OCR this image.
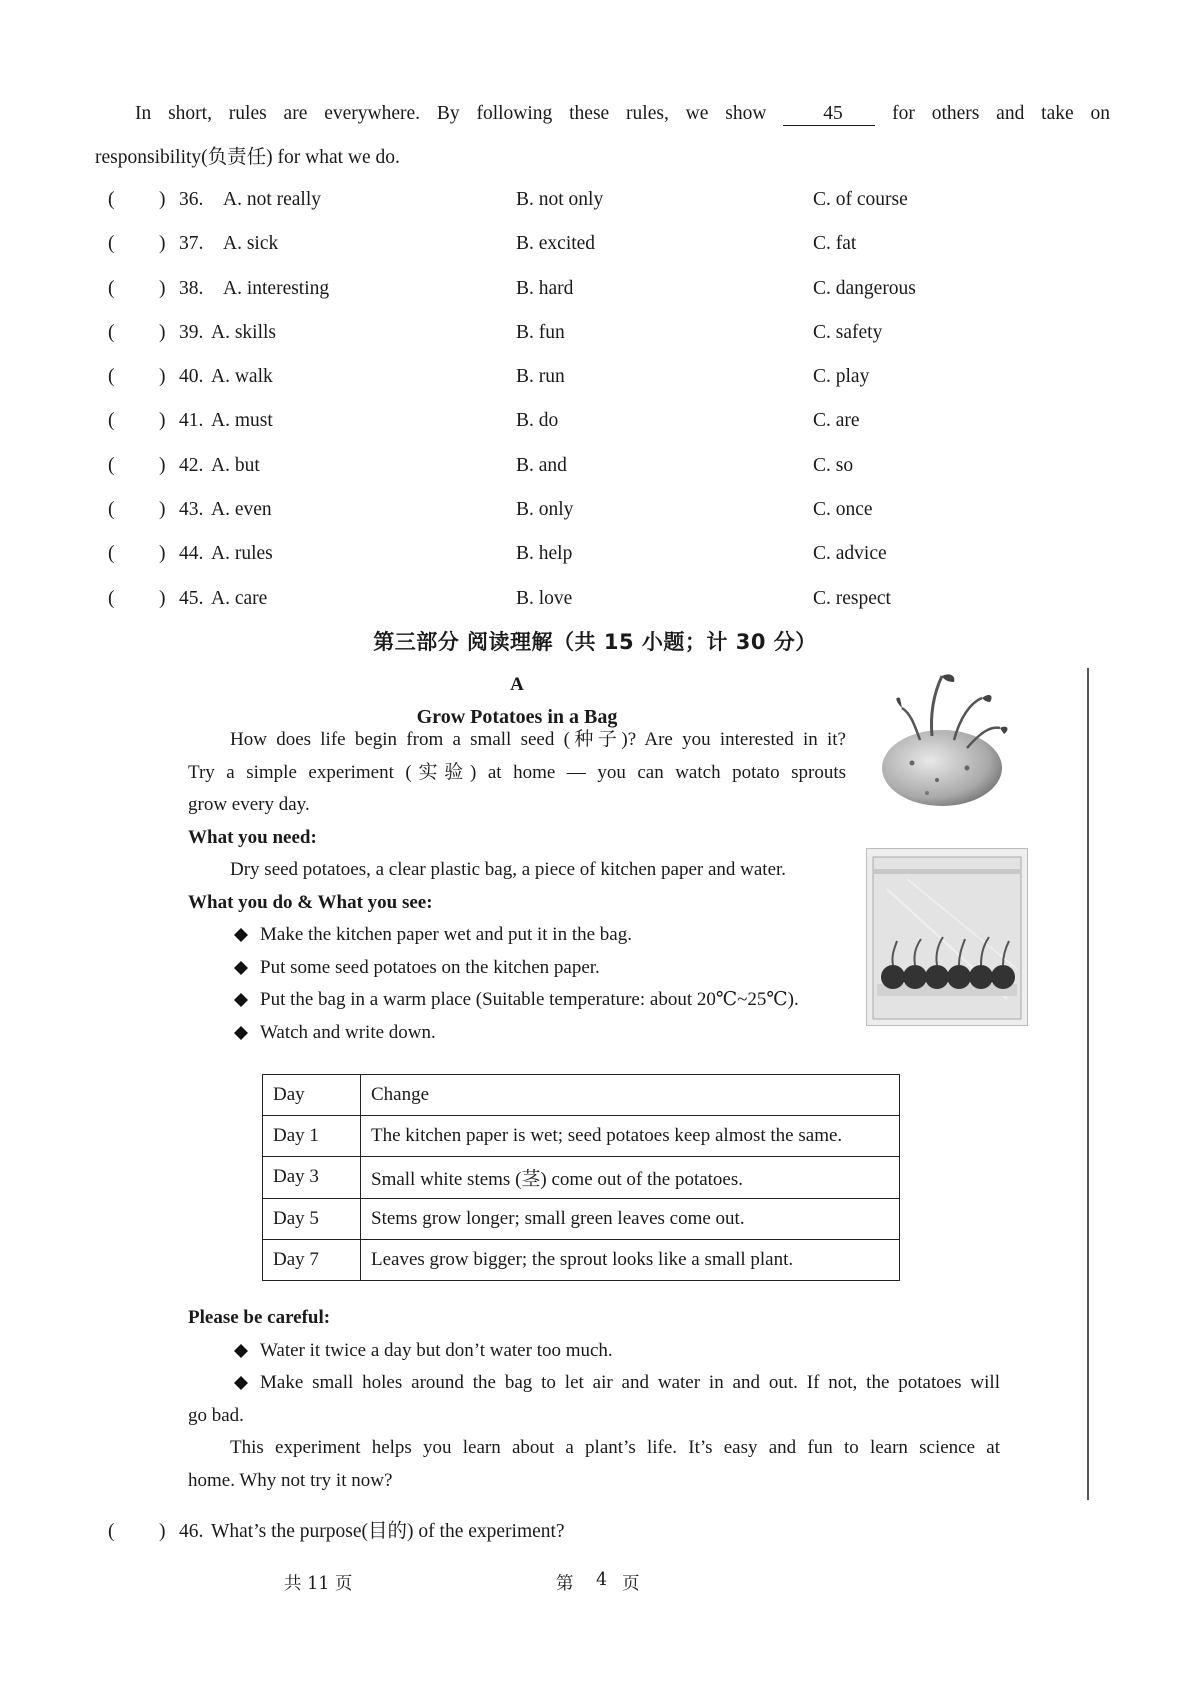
In short, rules are everywhere. By following these rules, we show	45	for others and take on
responsibility(负责任) for what we do.
( ) 36. A. not really	B. not only	C. of course
( ) 37. A. sick	B. excited	C. fat
( ) 38. A. interesting	B. hard	C. dangerous
( ) 39. A. skills	B. fun	C. safety
( ) 40. A. walk	B. run	C. play
( ) 41. A. must	B. do	C. are
( ) 42. A. but	B. and	C. so
( ) 43. A. even	B. only	C. once
( ) 44. A. rules	B. help	C. advice
( ) 45. A. care	B. love	C. respect
第三部分 阅读理解（共 15 小题；计 30 分）
A
Grow Potatoes in a Bag
How does life begin from a small seed (种子)? Are you interested in it?
Try a simple experiment (实验) at home — you can watch potato sprouts
grow every day.
What you need:
Dry seed potatoes, a clear plastic bag, a piece of kitchen paper and water.
What you do & What you see:
Make the kitchen paper wet and put it in the bag.
Put some seed potatoes on the kitchen paper.
Put the bag in a warm place (Suitable temperature: about 20℃~25℃).
Watch and write down.
Day	Change
Day 1	The kitchen paper is wet; seed potatoes keep almost the same.
Day 3	Small white stems (茎) come out of the potatoes.
Day 5	Stems grow longer; small green leaves come out.
Day 7	Leaves grow bigger; the sprout looks like a small plant.
Please be careful:
Water it twice a day but don’t water too much.
Make small holes around the bag to let air and water in and out. If not, the potatoes will
go bad.
This experiment helps you learn about a plant’s life. It’s easy and fun to learn science at
home. Why not try it now?
( ) 46. What’s the purpose(目的) of the experiment?
共 11 页	第 4 页
